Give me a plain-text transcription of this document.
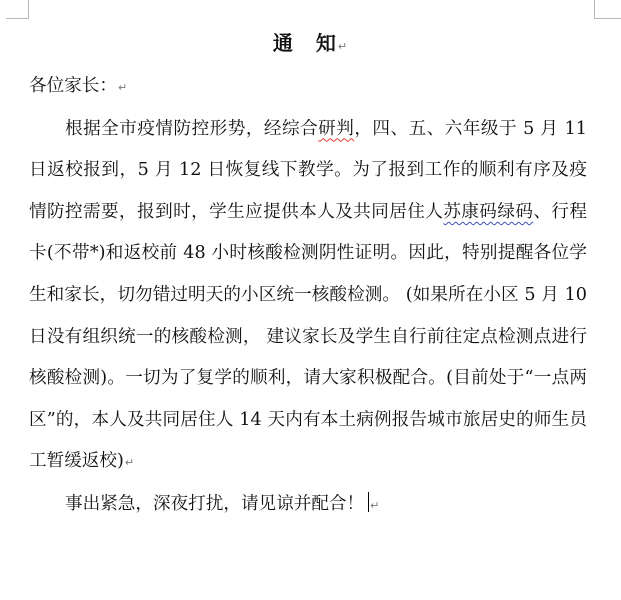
通 知↵

各位家长：↵

根据全市疫情防控形势，经综合研判，四、五、六年级于 5 月 11 日返校报到，5 月 12 日恢复线下教学。为了报到工作的顺利有序及疫情防控需要，报到时，学生应提供本人及共同居住人苏康码绿码、行程卡(不带*)和返校前 48 小时核酸检测阴性证明。因此，特别提醒各位学生和家长，切勿错过明天的小区统一核酸检测。 (如果所在小区 5 月 10 日没有组织统一的核酸检测， 建议家长及学生自行前往定点检测点进行核酸检测)。一切为了复学的顺利，请大家积极配合。(目前处于“一点两区”的，本人及共同居住人 14 天内有本土病例报告城市旅居史的师生员工暂缓返校)↵

事出紧急，深夜打扰，请见谅并配合！ ↵
